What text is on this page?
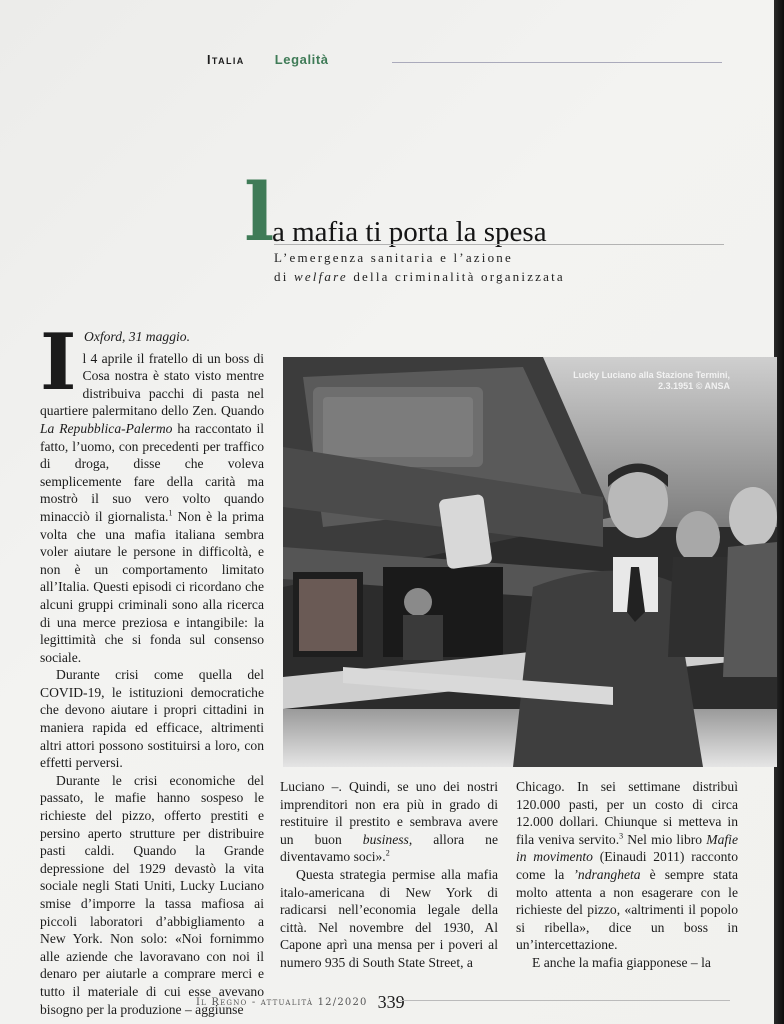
Italia Legalità
l
a mafia ti porta la spesa
L’emergenza sanitaria e l’azione
di welfare della criminalità organizzata
I Oxford, 31 maggio.

l 4 aprile il fratello di un boss di Cosa nostra è stato visto mentre distribuiva pacchi di pasta nel quartiere palermitano dello Zen. Quando La Repubblica-Palermo ha raccontato il fatto, l’uomo, con precedenti per traffico di droga, disse che voleva semplicemente fare della carità ma mostrò il suo vero volto quando minacciò il giornalista.$^1$ Non è la prima volta che una mafia italiana sembra voler aiutare le persone in difficoltà, e non è un comportamento limitato all’Italia. Questi episodi ci ricordano che alcuni gruppi criminali sono alla ricerca di una merce preziosa e intangibile: la legittimità che si fonda sul consenso sociale.

Durante crisi come quella del COVID-19, le istituzioni democratiche che devono aiutare i propri cittadini in maniera rapida ed efficace, altrimenti altri attori possono sostituirsi a loro, con effetti perversi.

Durante le crisi economiche del passato, le mafie hanno sospeso le richieste del pizzo, offerto prestiti e persino aperto strutture per distribuire pasti caldi. Quando la Grande depressione del 1929 devastò la vita sociale negli Stati Uniti, Lucky Luciano smise d’imporre la tassa mafiosa ai piccoli laboratori d’abbigliamento a New York. Non solo: «Noi fornimmo alle aziende che lavoravano con noi il denaro per aiutarle a comprare merci e tutto il materiale di cui esse avevano bisogno per la produzione – aggiunse

Lucky Luciano alla Stazione Termini,
2.3.1951 © ANSA

Luciano –. Quindi, se uno dei nostri imprenditori non era più in grado di restituire il prestito e sembrava avere un buon business, allora ne diventavamo soci».$^2$

Questa strategia permise alla mafia italo-americana di New York di radicarsi nell’economia legale della città. Nel novembre del 1930, Al Capone aprì una mensa per i poveri al numero 935 di South State Street, a

Chicago. In sei settimane distribuì 120.000 pasti, per un costo di circa 12.000 dollari. Chiunque si metteva in fila veniva servito.$^3$ Nel mio libro Mafie in movimento (Einaudi 2011) racconto come la ’ndrangheta è sempre stata molto attenta a non esagerare con le richieste del pizzo, «altrimenti il popolo si ribella», dice un boss in un’intercettazione.

E anche la mafia giapponese – la

Il Regno - attualità 12/2020 339
